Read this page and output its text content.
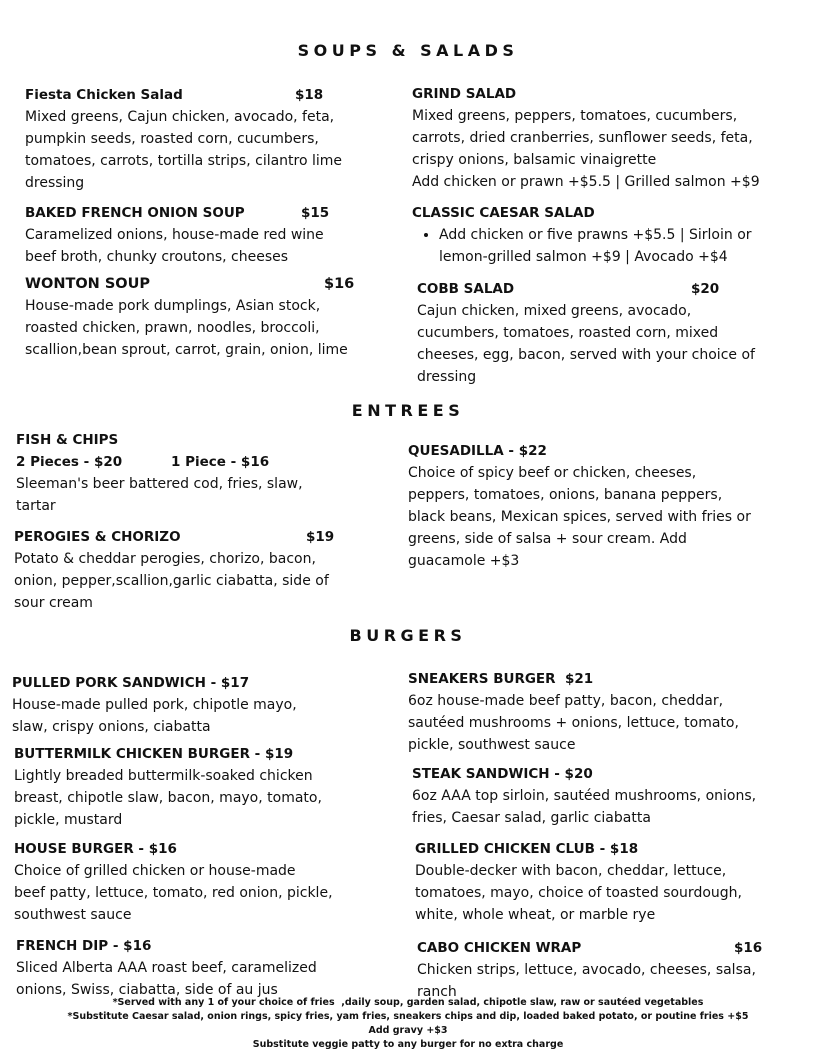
SOUPS & SALADS

Fiesta Chicken Salad	$18

Mixed greens, Cajun chicken, avocado, feta,
pumpkin seeds, roasted corn, cucumbers,
tomatoes, carrots, tortilla strips, cilantro lime
dressing

GRIND SALAD

Mixed greens, peppers, tomatoes, cucumbers,
carrots, dried cranberries, sunflower seeds, feta,
crispy onions, balsamic vinaigrette
Add chicken or prawn +$5.5 | Grilled salmon +$9

BAKED FRENCH ONION SOUP	$15

Caramelized onions, house-made red wine
beef broth, chunky croutons, cheeses

CLASSIC CAESAR SALAD

• Add chicken or five prawns +$5.5 | Sirloin or
lemon-grilled salmon +$9 | Avocado +$4

WONTON SOUP	$16

House-made pork dumplings, Asian stock,
roasted chicken, prawn, noodles, broccoli,
scallion,bean sprout, carrot, grain, onion, lime

COBB SALAD	$20

Cajun chicken, mixed greens, avocado,
cucumbers, tomatoes, roasted corn, mixed
cheeses, egg, bacon, served with your choice of
dressing

ENTREES

FISH & CHIPS

2 Pieces - $20	1 Piece - $16

Sleeman's beer battered cod, fries, slaw,
tartar

QUESADILLA - $22

Choice of spicy beef or chicken, cheeses,
peppers, tomatoes, onions, banana peppers,
black beans, Mexican spices, served with fries or
greens, side of salsa + sour cream. Add
guacamole +$3

PEROGIES & CHORIZO	$19

Potato & cheddar perogies, chorizo, bacon,
onion, pepper,scallion,garlic ciabatta, side of
sour cream

BURGERS

SNEAKERS BURGER  $21

6oz house-made beef patty, bacon, cheddar,
sautéed mushrooms + onions, lettuce, tomato,
pickle, southwest sauce

PULLED PORK SANDWICH - $17

House-made pulled pork, chipotle mayo,
slaw, crispy onions, ciabatta

BUTTERMILK CHICKEN BURGER - $19

Lightly breaded buttermilk-soaked chicken
breast, chipotle slaw, bacon, mayo, tomato,
pickle, mustard

STEAK SANDWICH - $20

6oz AAA top sirloin, sautéed mushrooms, onions,
fries, Caesar salad, garlic ciabatta

HOUSE BURGER - $16

Choice of grilled chicken or house-made
beef patty, lettuce, tomato, red onion, pickle,
southwest sauce

GRILLED CHICKEN CLUB - $18

Double-decker with bacon, cheddar, lettuce,
tomatoes, mayo, choice of toasted sourdough,
white, whole wheat, or marble rye

FRENCH DIP - $16

Sliced Alberta AAA roast beef, caramelized
onions, Swiss, ciabatta, side of au jus

CABO CHICKEN WRAP	$16

Chicken strips, lettuce, avocado, cheeses, salsa,
ranch

*Served with any 1 of your choice of fries  ,daily soup, garden salad, chipotle slaw, raw or sautéed vegetables
*Substitute Caesar salad, onion rings, spicy fries, yam fries, sneakers chips and dip, loaded baked potato, or poutine fries +$5
Add gravy +$3
Substitute veggie patty to any burger for no extra charge
